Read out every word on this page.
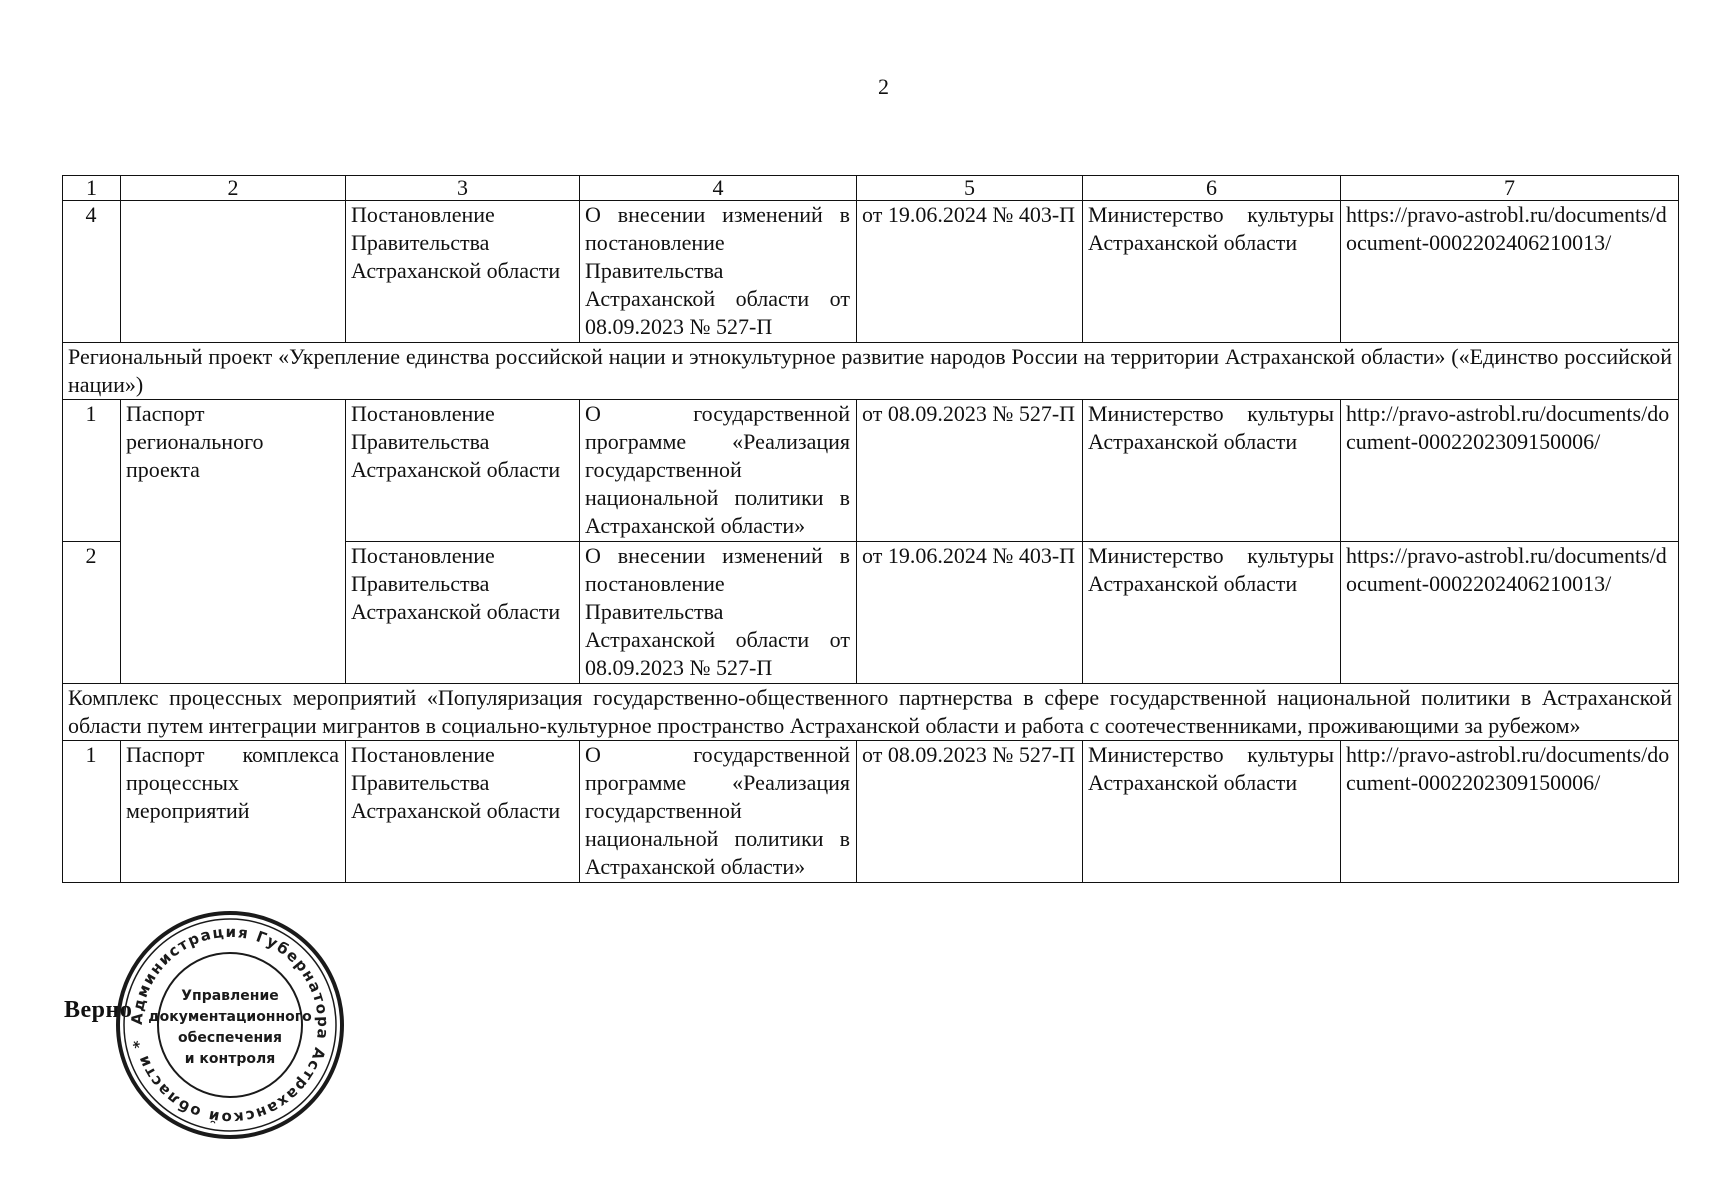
2
1	2	3	4	5	6	7
4		Постановление Правительства Астраханской области	О внесении изменений в постановление Правительства Астраханской области от 08.09.2023 № 527-П	от 19.06.2024 № 403-П	Министерство культуры Астраханской области	https://pravo-astrobl.ru/documents/document-0002202406210013/
Региональный проект «Укрепление единства российской нации и этнокультурное развитие народов России на территории Астраханской области» («Единство российской нации»)						
1	Паспорт регионального проекта	Постановление Правительства Астраханской области	О государственной программе «Реализация государственной национальной политики в Астраханской области»	от 08.09.2023 № 527-П	Министерство культуры Астраханской области	http://pravo-astrobl.ru/documents/document-0002202309150006/
2		Постановление Правительства Астраханской области	О внесении изменений в постановление Правительства Астраханской области от 08.09.2023 № 527-П	от 19.06.2024 № 403-П	Министерство культуры Астраханской области	https://pravo-astrobl.ru/documents/document-0002202406210013/
Комплекс процессных мероприятий «Популяризация государственно-общественного партнерства в сфере государственной национальной политики в Астраханской области путем интеграции мигрантов в социально-культурное пространство Астраханской области и работа с соотечественниками, проживающими за рубежом»						
1	Паспорт комплекса процессных мероприятий	Постановление Правительства Астраханской области	О государственной программе «Реализация государственной национальной политики в Астраханской области»	от 08.09.2023 № 527-П	Министерство культуры Астраханской области	http://pravo-astrobl.ru/documents/document-0002202309150006/
Верно
Администрация Губернатора Астраханской области *
Управление
документационного
обеспечения
и контроля
